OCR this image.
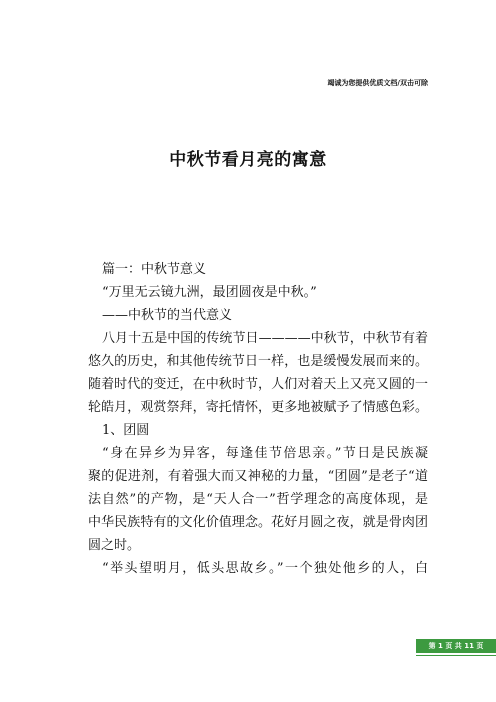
竭诚为您提供优质文档/双击可除
中秋节看月亮的寓意
篇一：中秋节意义
“万里无云镜九洲，最团圆夜是中秋。”
——中秋节的当代意义
八月十五是中国的传统节日————中秋节，中秋节有着
悠久的历史，和其他传统节日一样，也是缓慢发展而来的。
随着时代的变迁，在中秋时节，人们对着天上又亮又圆的一
轮皓月，观赏祭拜，寄托情怀，更多地被赋予了情感色彩。
1、团圆
“身在异乡为异客，每逢佳节倍思亲。”节日是民族凝
聚的促进剂，有着强大而又神秘的力量，“团圆”是老子“道
法自然”的产物，是“天人合一”哲学理念的高度体现，是
中华民族特有的文化价值理念。花好月圆之夜，就是骨肉团
圆之时。
“举头望明月，低头思故乡。”一个独处他乡的人，白
第 1 页 共 11 页
